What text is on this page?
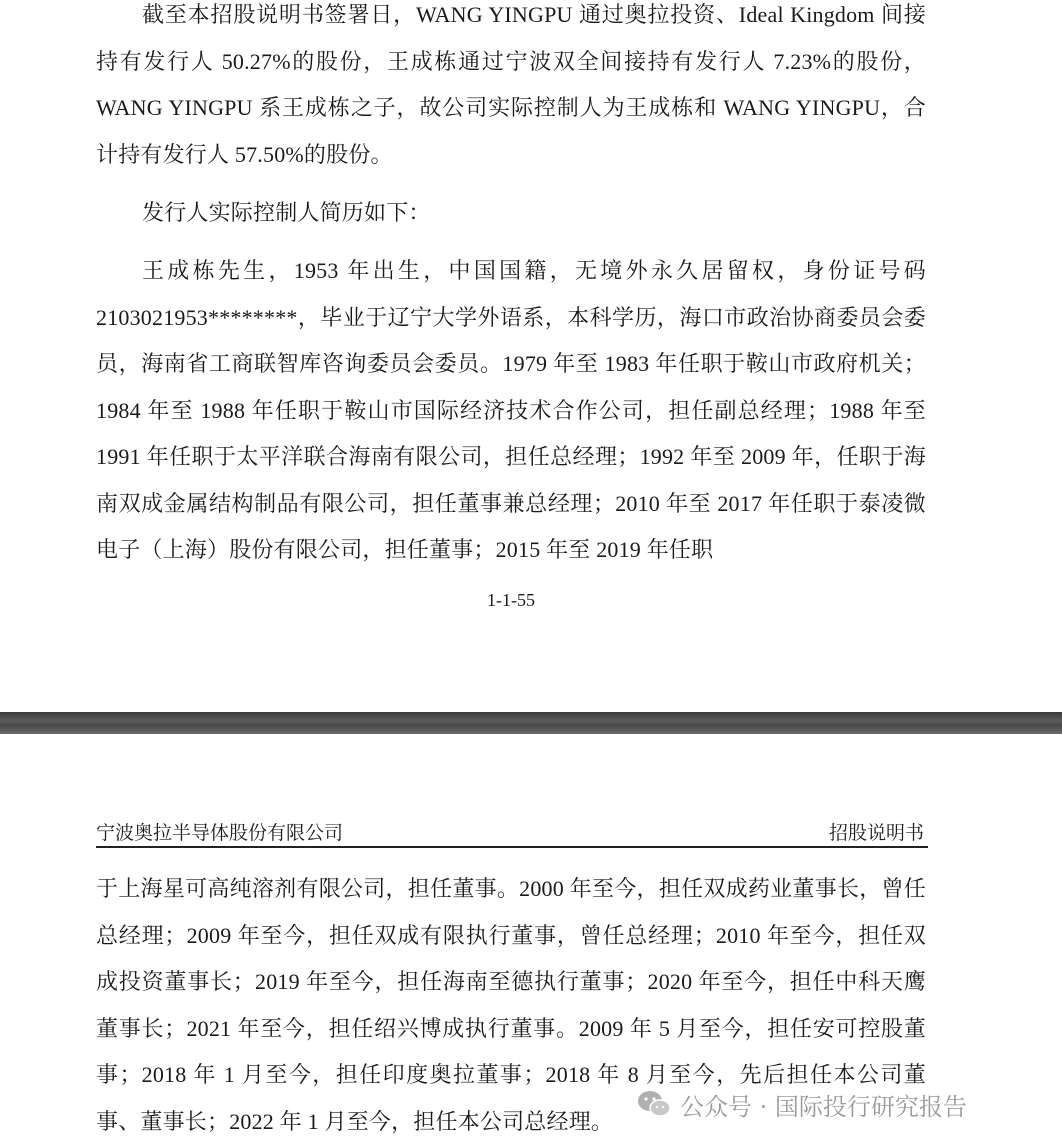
截至本招股说明书签署日，WANG YINGPU 通过奥拉投资、Ideal Kingdom 间接持有发行人 50.27%的股份，王成栋通过宁波双全间接持有发行人 7.23%的股份，WANG YINGPU 系王成栋之子，故公司实际控制人为王成栋和 WANG YINGPU，合计持有发行人 57.50%的股份。

发行人实际控制人简历如下：

王成栋先生，1953 年出生，中国国籍，无境外永久居留权，身份证号码 2103021953********，毕业于辽宁大学外语系，本科学历，海口市政治协商委员会委员，海南省工商联智库咨询委员会委员。1979 年至 1983 年任职于鞍山市政府机关；1984 年至 1988 年任职于鞍山市国际经济技术合作公司，担任副总经理；1988 年至 1991 年任职于太平洋联合海南有限公司，担任总经理；1992 年至 2009 年，任职于海南双成金属结构制品有限公司，担任董事兼总经理；2010 年至 2017 年任职于泰凌微电子（上海）股份有限公司，担任董事；2015 年至 2019 年任职

1-1-55
宁波奥拉半导体股份有限公司	招股说明书

于上海星可高纯溶剂有限公司，担任董事。2000 年至今，担任双成药业董事长，曾任总经理；2009 年至今，担任双成有限执行董事，曾任总经理；2010 年至今，担任双成投资董事长；2019 年至今，担任海南至德执行董事；2020 年至今，担任中科天鹰董事长；2021 年至今，担任绍兴博成执行董事。2009 年 5 月至今，担任安可控股董事；2018 年 1 月至今，担任印度奥拉董事；2018 年 8 月至今，先后担任本公司董事、董事长；2022 年 1 月至今，担任本公司总经理。

公众号 · 国际投行研究报告
